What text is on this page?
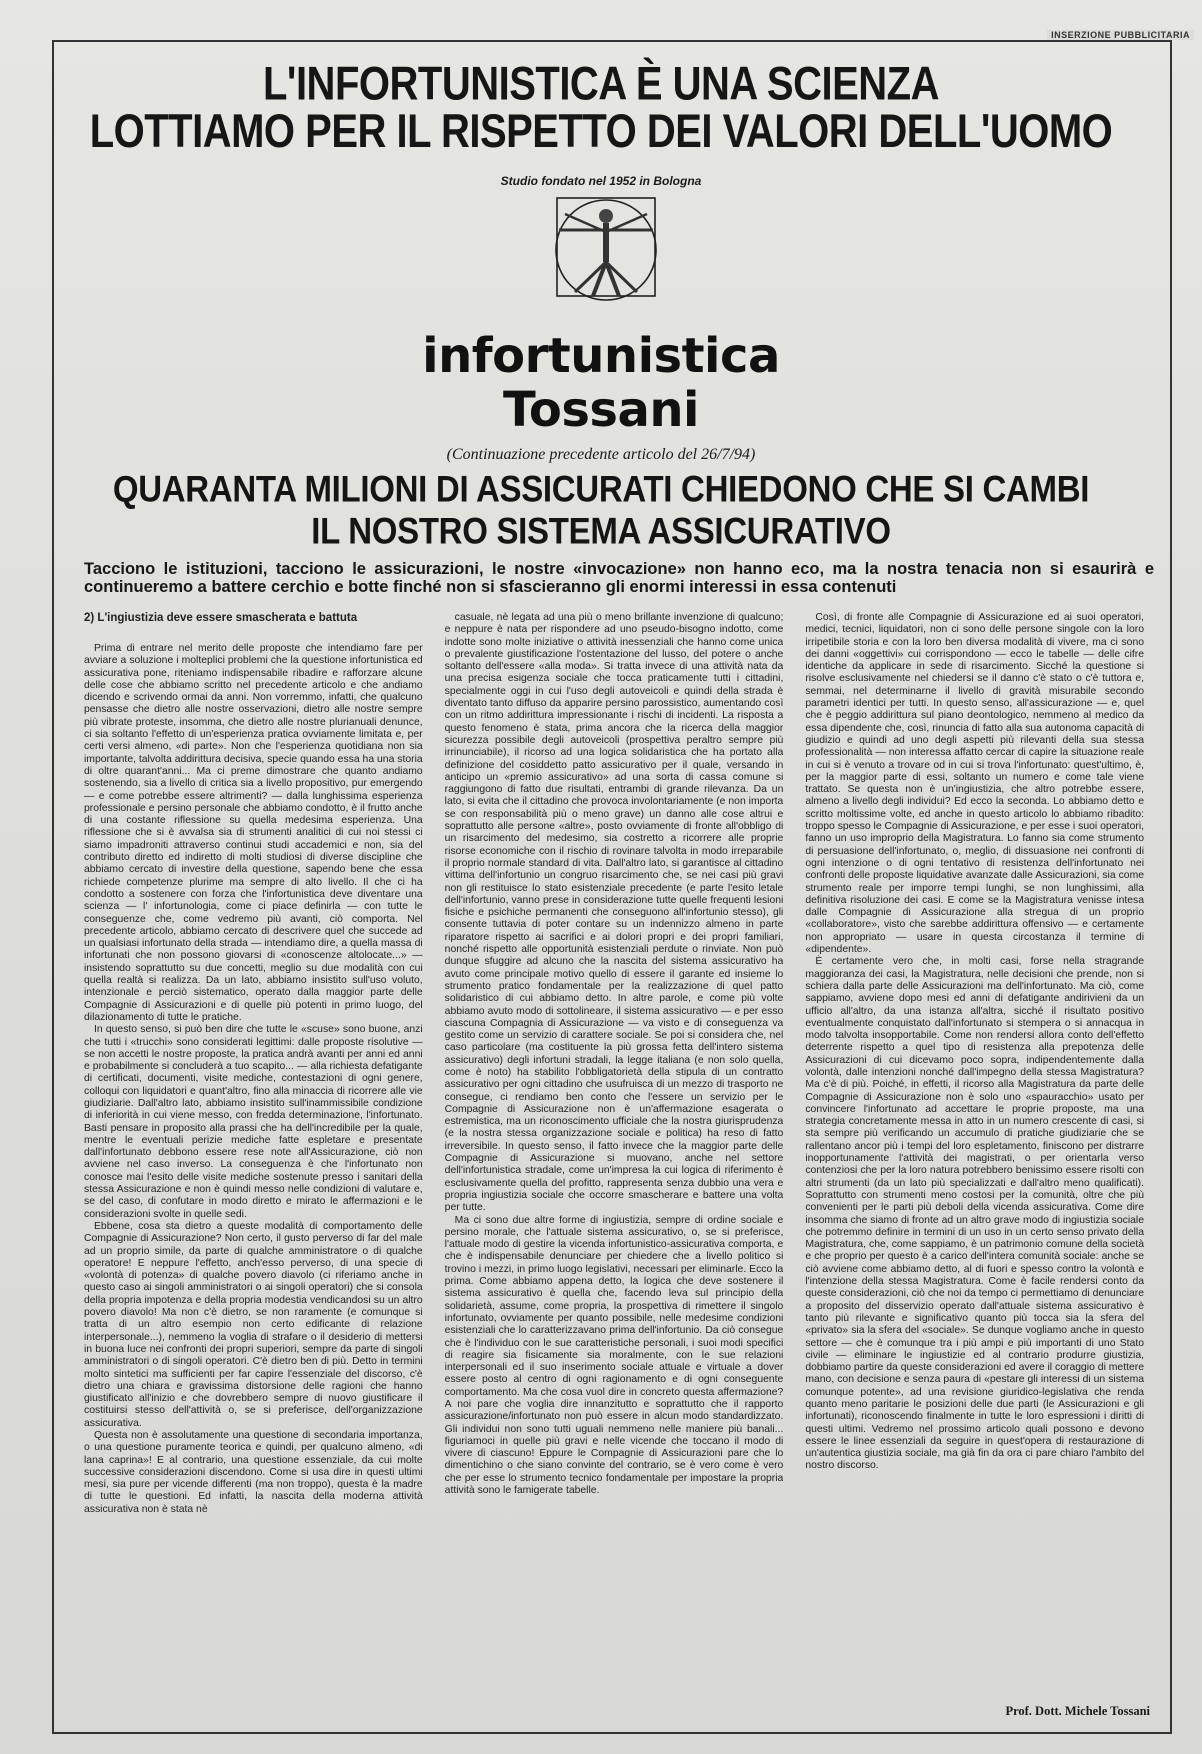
INSERZIONE PUBBLICITARIA
L'INFORTUNISTICA È UNA SCIENZA
LOTTIAMO PER IL RISPETTO DEI VALORI DELL'UOMO
Studio fondato nel 1952 in Bologna
infortunistica
Tossani
(Continuazione precedente articolo del 26/7/94)
QUARANTA MILIONI DI ASSICURATI CHIEDONO CHE SI CAMBI
IL NOSTRO SISTEMA ASSICURATIVO
Tacciono le istituzioni, tacciono le assicurazioni, le nostre «invocazione» non hanno eco, ma la nostra tenacia non si esaurirà e continueremo a battere cerchio e botte finché non si sfascieranno gli enormi interessi in essa contenuti
2) L'ingiustizia deve essere smascherata e battuta

Prima di entrare nel merito delle proposte che intendiamo fare per avviare a soluzione i molteplici problemi che la questione infortunistica ed assicurativa pone, riteniamo indispensabile ribadire e rafforzare alcune delle cose che abbiamo scritto nel precedente articolo e che andiamo dicendo e scrivendo ormai da anni. Non vorremmo, infatti, che qualcuno pensasse che dietro alle nostre osservazioni, dietro alle nostre sempre più vibrate proteste, insomma, che dietro alle nostre plurianuali denunce, ci sia soltanto l'effetto di un'esperienza pratica ovviamente limitata e, per certi versi almeno, «di parte». Non che l'esperienza quotidiana non sia importante, talvolta addirittura decisiva, specie quando essa ha una storia di oltre quarant'anni... Ma ci preme dimostrare che quanto andiamo sostenendo, sia a livello di critica sia a livello propositivo, pur emergendo — e come potrebbe essere altrimenti? — dalla lunghissima esperienza professionale e persino personale che abbiamo condotto, è il frutto anche di una costante riflessione su quella medesima esperienza. Una riflessione che si è avvalsa sia di strumenti analitici di cui noi stessi ci siamo impadroniti attraverso continui studi accademici e non, sia del contributo diretto ed indiretto di molti studiosi di diverse discipline che abbiamo cercato di investire della questione, sapendo bene che essa richiede competenze plurime ma sempre di alto livello. Il che ci ha condotto a sostenere con forza che l'infortunistica deve diventare una scienza — l' infortunologia, come ci piace definirla — con tutte le conseguenze che, come vedremo più avanti, ciò comporta. Nel precedente articolo, abbiamo cercato di descrivere quel che succede ad un qualsiasi infortunato della strada — intendiamo dire, a quella massa di infortunati che non possono giovarsi di «conoscenze altolocate...» — insistendo soprattutto su due concetti, meglio su due modalità con cui quella realtà si realizza. Da un lato, abbiamo insistito sull'uso voluto, intenzionale e perciò sistematico, operato dalla maggior parte delle Compagnie di Assicurazioni e di quelle più potenti in primo luogo, del dilazionamento di tutte le pratiche.

In questo senso, si può ben dire che tutte le «scuse» sono buone, anzi che tutti i «trucchi» sono considerati legittimi: dalle proposte risolutive — se non accetti le nostre proposte, la pratica andrà avanti per anni ed anni e probabilmente si concluderà a tuo scapito... — alla richiesta defatigante di certificati, documenti, visite mediche, contestazioni di ogni genere, colloqui con liquidatori e quant'altro, fino alla minaccia di ricorrere alle vie giudiziarie. Dall'altro lato, abbiamo insistito sull'inammissibile condizione di inferiorità in cui viene messo, con fredda determinazione, l'infortunato. Basti pensare in proposito alla prassi che ha dell'incredibile per la quale, mentre le eventuali perizie mediche fatte espletare e presentate dall'infortunato debbono essere rese note all'Assicurazione, ciò non avviene nel caso inverso. La conseguenza è che l'infortunato non conosce mai l'esito delle visite mediche sostenute presso i sanitari della stessa Assicurazione e non è quindi messo nelle condizioni di valutare e, se del caso, di confutare in modo diretto e mirato le affermazioni e le considerazioni svolte in quelle sedi.

Ebbene, cosa sta dietro a queste modalità di comportamento delle Compagnie di Assicurazione? Non certo, il gusto perverso di far del male ad un proprio simile, da parte di qualche amministratore o di qualche operatore! E neppure l'effetto, anch'esso perverso, di una specie di «volontà di potenza» di qualche povero diavolo (ci riferiamo anche in questo caso ai singoli amministratori o ai singoli operatori) che si consola della propria impotenza e della propria modestia vendicandosi su un altro povero diavolo! Ma non c'è dietro, se non raramente (e comunque si tratta di un altro esempio non certo edificante di relazione interpersonale...), nemmeno la voglia di strafare o il desiderio di mettersi in buona luce nei confronti dei propri superiori, sempre da parte di singoli amministratori o di singoli operatori. C'è dietro ben di più. Detto in termini molto sintetici ma sufficienti per far capire l'essenziale del discorso, c'è dietro una chiara e gravissima distorsione delle ragioni che hanno giustificato all'inizio e che dovrebbero sempre di nuovo giustificare il costituirsi stesso dell'attività o, se si preferisce, dell'organizzazione assicurativa.

Questa non è assolutamente una questione di secondaria importanza, o una questione puramente teorica e quindi, per qualcuno almeno, «di lana caprina»! E al contrario, una questione essenziale, da cui molte successive considerazioni discendono. Come si usa dire in questi ultimi mesi, sia pure per vicende differenti (ma non troppo), questa è la madre di tutte le questioni. Ed infatti, la nascita della moderna attività assicurativa non è stata nè

casuale, nè legata ad una più o meno brillante invenzione di qualcuno; e neppure è nata per rispondere ad uno pseudo-bisogno indotto, come indotte sono molte iniziative o attività inessenziali che hanno come unica o prevalente giustificazione l'ostentazione del lusso, del potere o anche soltanto dell'essere «alla moda». Si tratta invece di una attività nata da una precisa esigenza sociale che tocca praticamente tutti i cittadini, specialmente oggi in cui l'uso degli autoveicoli e quindi della strada è diventato tanto diffuso da apparire persino parossistico, aumentando così con un ritmo addirittura impressionante i rischi di incidenti. La risposta a questo fenomeno è stata, prima ancora che la ricerca della maggior sicurezza possibile degli autoveicoli (prospettiva peraltro sempre più irrinunciabile), il ricorso ad una logica solidaristica che ha portato alla definizione del cosiddetto patto assicurativo per il quale, versando in anticipo un «premio assicurativo» ad una sorta di cassa comune si raggiungono di fatto due risultati, entrambi di grande rilevanza. Da un lato, si evita che il cittadino che provoca involontariamente (e non importa se con responsabilità più o meno grave) un danno alle cose altrui e soprattutto alle persone «altre», posto ovviamente di fronte all'obbligo di un risarcimento del medesimo, sia costretto a ricorrere alle proprie risorse economiche con il rischio di rovinare talvolta in modo irreparabile il proprio normale standard di vita. Dall'altro lato, si garantisce al cittadino vittima dell'infortunio un congruo risarcimento che, se nei casi più gravi non gli restituisce lo stato esistenziale precedente (e parte l'esito letale dell'infortunio, vanno prese in considerazione tutte quelle frequenti lesioni fisiche e psichiche permanenti che conseguono all'infortunio stesso), gli consente tuttavia di poter contare su un indennizzo almeno in parte riparatore rispetto ai sacrifici e ai dolori propri e dei propri familiari, nonché rispetto alle opportunità esistenziali perdute o rinviate. Non può dunque sfuggire ad alcuno che la nascita del sistema assicurativo ha avuto come principale motivo quello di essere il garante ed insieme lo strumento pratico fondamentale per la realizzazione di quel patto solidaristico di cui abbiamo detto. In altre parole, e come più volte abbiamo avuto modo di sottolineare, il sistema assicurativo — e per esso ciascuna Compagnia di Assicurazione — va visto e di conseguenza va gestito come un servizio di carattere sociale. Se poi si considera che, nel caso particolare (ma costituente la più grossa fetta dell'intero sistema assicurativo) degli infortuni stradali, la legge italiana (e non solo quella, come è noto) ha stabilito l'obbligatorietà della stipula di un contratto assicurativo per ogni cittadino che usufruisca di un mezzo di trasporto ne consegue, ci rendiamo ben conto che l'essere un servizio per le Compagnie di Assicurazione non è un'affermazione esagerata o estremistica, ma un riconoscimento ufficiale che la nostra giurisprudenza (e la nostra stessa organizzazione sociale e politica) ha reso di fatto irreversibile. In questo senso, il fatto invece che la maggior parte delle Compagnie di Assicurazione si muovano, anche nel settore dell'infortunistica stradale, come un'impresa la cui logica di riferimento è esclusivamente quella del profitto, rappresenta senza dubbio una vera e propria ingiustizia sociale che occorre smascherare e battere una volta per tutte.

Ma ci sono due altre forme di ingiustizia, sempre di ordine sociale e persino morale, che l'attuale sistema assicurativo, o, se si preferisce, l'attuale modo di gestire la vicenda infortunistico-assicurativa comporta, e che è indispensabile denunciare per chiedere che a livello politico si trovino i mezzi, in primo luogo legislativi, necessari per eliminarle. Ecco la prima. Come abbiamo appena detto, la logica che deve sostenere il sistema assicurativo è quella che, facendo leva sul principio della solidarietà, assume, come propria, la prospettiva di rimettere il singolo infortunato, ovviamente per quanto possibile, nelle medesime condizioni esistenziali che lo caratterizzavano prima dell'infortunio. Da ciò consegue che è l'individuo con le sue caratteristiche personali, i suoi modi specifici di reagire sia fisicamente sia moralmente, con le sue relazioni interpersonali ed il suo inserimento sociale attuale e virtuale a dover essere posto al centro di ogni ragionamento e di ogni conseguente comportamento. Ma che cosa vuol dire in concreto questa affermazione? A noi pare che voglia dire innanzitutto e soprattutto che il rapporto assicurazione/infortunato non può essere in alcun modo standardizzato. Gli individui non sono tutti uguali nemmeno nelle maniere più banali... figuriamoci in quelle più gravi e nelle vicende che toccano il modo di vivere di ciascuno! Eppure le Compagnie di Assicurazioni pare che lo dimentichino o che siano convinte del contrario, se è vero come è vero che per esse lo strumento tecnico fondamentale per impostare la propria attività sono le famigerate tabelle.

Così, di fronte alle Compagnie di Assicurazione ed ai suoi operatori, medici, tecnici, liquidatori, non ci sono delle persone singole con la loro irripetibile storia e con la loro ben diversa modalità di vivere, ma ci sono dei danni «oggettivi» cui corrispondono — ecco le tabelle — delle cifre identiche da applicare in sede di risarcimento. Sicché la questione si risolve esclusivamente nel chiedersi se il danno c'è stato o c'è tuttora e, semmai, nel determinarne il livello di gravità misurabile secondo parametri identici per tutti. In questo senso, all'assicurazione — e, quel che è peggio addirittura sul piano deontologico, nemmeno al medico da essa dipendente che, così, rinuncia di fatto alla sua autonoma capacità di giudizio e quindi ad uno degli aspetti più rilevanti della sua stessa professionalità — non interessa affatto cercar di capire la situazione reale in cui si è venuto a trovare od in cui si trova l'infortunato: quest'ultimo, è, per la maggior parte di essi, soltanto un numero e come tale viene trattato. Se questa non è un'ingiustizia, che altro potrebbe essere, almeno a livello degli individui? Ed ecco la seconda. Lo abbiamo detto e scritto moltissime volte, ed anche in questo articolo lo abbiamo ribadito: troppo spesso le Compagnie di Assicurazione, e per esse i suoi operatori, fanno un uso improprio della Magistratura. Lo fanno sia come strumento di persuasione dell'infortunato, o, meglio, di dissuasione nei confronti di ogni intenzione o di ogni tentativo di resistenza dell'infortunato nei confronti delle proposte liquidative avanzate dalle Assicurazioni, sia come strumento reale per imporre tempi lunghi, se non lunghissimi, alla definitiva risoluzione dei casi. E come se la Magistratura venisse intesa dalle Compagnie di Assicurazione alla stregua di un proprio «collaboratore», visto che sarebbe addirittura offensivo — e certamente non appropriato — usare in questa circostanza il termine di «dipendente».

È certamente vero che, in molti casi, forse nella stragrande maggioranza dei casi, la Magistratura, nelle decisioni che prende, non si schiera dalla parte delle Assicurazioni ma dell'infortunato. Ma ciò, come sappiamo, avviene dopo mesi ed anni di defatigante andirivieni da un ufficio all'altro, da una istanza all'altra, sicché il risultato positivo eventualmente conquistato dall'infortunato si stempera o si annacqua in modo talvolta insopportabile. Come non rendersi allora conto dell'effetto deterrente rispetto a quel tipo di resistenza alla prepotenza delle Assicurazioni di cui dicevamo poco sopra, indipendentemente dalla volontà, dalle intenzioni nonché dall'impegno della stessa Magistratura? Ma c'è di più. Poiché, in effetti, il ricorso alla Magistratura da parte delle Compagnie di Assicurazione non è solo uno «spauracchio» usato per convincere l'infortunato ad accettare le proprie proposte, ma una strategia concretamente messa in atto in un numero crescente di casi, si sta sempre più verificando un accumulo di pratiche giudiziarie che se rallentano ancor più i tempi del loro espletamento, finiscono per distrarre inopportunamente l'attività dei magistrati, o per orientarla verso contenziosi che per la loro natura potrebbero benissimo essere risolti con altri strumenti (da un lato più specializzati e dall'altro meno qualificati). Soprattutto con strumenti meno costosi per la comunità, oltre che più convenienti per le parti più deboli della vicenda assicurativa. Come dire insomma che siamo di fronte ad un altro grave modo di ingiustizia sociale che potremmo definire in termini di un uso in un certo senso privato della Magistratura, che, come sappiamo, è un patrimonio comune della società e che proprio per questo è a carico dell'intera comunità sociale: anche se ciò avviene come abbiamo detto, al di fuori e spesso contro la volontà e l'intenzione della stessa Magistratura. Come è facile rendersi conto da queste considerazioni, ciò che noi da tempo ci permettiamo di denunciare a proposito del disservizio operato dall'attuale sistema assicurativo è tanto più rilevante e significativo quanto più tocca sia la sfera del «privato» sia la sfera del «sociale». Se dunque vogliamo anche in questo settore — che è comunque tra i più ampi e più importanti di uno Stato civile — eliminare le ingiustizie ed al contrario produrre giustizia, dobbiamo partire da queste considerazioni ed avere il coraggio di mettere mano, con decisione e senza paura di «pestare gli interessi di un sistema comunque potente», ad una revisione giuridico-legislativa che renda quanto meno paritarie le posizioni delle due parti (le Assicurazioni e gli infortunati), riconoscendo finalmente in tutte le loro espressioni i diritti di questi ultimi. Vedremo nel prossimo articolo quali possono e devono essere le linee essenziali da seguire in quest'opera di restaurazione di un'autentica giustizia sociale, ma già fin da ora ci pare chiaro l'ambito del nostro discorso.

Prof. Dott. Michele Tossani
